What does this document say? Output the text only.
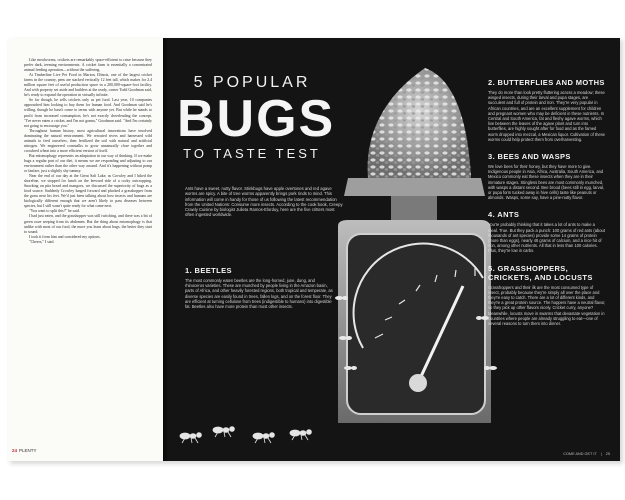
Like mealworms, crickets are remarkably space-efficient to raise because they prefer dark, teeming environments. A cricket farm is essentially a concentrated animal feeding operation—without the suffering.

At Timberline Live Pet Food in Marion, Illinois, one of the largest cricket farms in the country, pens are stacked vertically 12 feet tall, which makes for 2.4 million square feet of useful production space in a 200,000-square-foot facility. And with property set aside and builders at the ready, owner Todd Goodman said, he's ready to expand the operation in virtually infinite.

So far though, he sells crickets only as pet food. Last year, 10 companies approached him looking to buy them for human food. And Goodman said he's willing, though he hasn't come to terms with anyone yet. But while he stands to profit from increased consumption, he's not exactly cheerleading the concept. "I've never eaten a cricket, and I'm not gonna," Goodman said. "And I'm certainly not going to encourage you."

Throughout human history, most agricultural innovations have involved dominating the natural environment. We rerouted rivers and harnessed wild animals to feed ourselves, then fertilized the soil with natural and artificial nitrogen. We engineered cornstalks to grow unnaturally close together and crossbred wheat into a more efficient version of itself.

But entomophagy represents an adaptation in our way of thinking. If we make bugs a regular part of our diet, it means we are responding and adjusting to our environment rather than the other way around. And it's happening without pomp or fanfare, just a slightly shy tummy.

Near the end of our day at the Great Salt Lake, as Crowley and I hiked the shoreline, we stopped for lunch on the leeward side of a rocky outcropping. Snacking on pita bread and mangoes, we discussed the superiority of bugs as a food source. Suddenly Crowley lunged forward and plucked a grasshopper from the grass near his feet. We'd just been talking about how insects and humans are biologically different enough that we aren't likely to pass diseases between species, but I still wasn't quite ready for what came next.

"You want to split this?" he said.

I had just eaten, and the grasshopper was still twitching, and there was a bit of green ooze seeping from its abdomen. But the thing about entomophagy is that unlike with most of our food, the more you learn about bugs, the better they start to sound.

I took it from him and considered my options.

"Cheers," I said.

24 PLENTY
5 POPULAR
BUGS
TO TASTE TEST
Ants have a sweet, nutty flavor. Stinkbugs have apple overtones and red agave worms are spicy. A bite of tree worms apparently brings pork rinds to mind. This information will come in handy for those of us following the latest recommendation from the United Nations: Consume more insects. According to the cook book, Creepy Crawly Cuisine by biologist Julieta Ramos-Elorduy, here are the five critters most often ingested worldwide.
1. BEETLES

The most commonly eaten beetles are the long-horned, june, dung, and rhinoceros varieties. These are munched by people living in the Amazon basin, parts of Africa, and other heavily forested regions, both tropical and temperate, as diverse species are easily found in trees, fallen logs, and on the forest floor. They are efficient at turning cellulose from trees (indigestible to humans) into digestible fat. Beetles also have more protein than most other insects.

2. BUTTERFLIES AND MOTHS

They do more than look pretty fluttering across a meadow; these winged insects, during their larval and pupa stages, are succulent and full of protein and iron. They're very popular in African countries, and are an excellent supplement for children and pregnant women who may be deficient in these nutrients. In Central and South America, fat and fleshy agave worms, which live between the leaves of the agave plant and turn into butterflies, are highly sought after for food and as the famed worm dropped into mezcal, a Mexican liquor. Cultivation of these worms could help protect them from overharvesting.

3. BEES AND WASPS

We love bees for their honey, but they have more to give. Indigenous people in Asia, Africa, Australia, South America, and Mexico commonly eat these insects when they are in their immature stages. Stingless bees are most commonly munched, with wasps a distant second. Bee brood (bees still in egg, larval, or pupa form tucked away in hive cells) taste like peanuts or almonds. Wasps, some say, have a pine-nutty flavor.

4. ANTS

You're probably thinking that it takes a lot of ants to make a meal. True. But they pack a punch: 100 grams of red ants (about thousands of ant species) provide some 14 grams of protein (more than eggs), nearly 48 grams of calcium, and a nice hit of iron, among other nutrients. All that in less than 100 calories. Plus, they're low in carbs.

5. GRASSHOPPERS, CRICKETS, AND LOCUSTS

Grasshoppers and their ilk are the most consumed type of insect, probably because they're simply all over the place and they're easy to catch. There are a lot of different kinds, and they're a great protein source. The hoppers have a neutral flavor, so they pick up other flavors nicely. Cricket curry, anyone? Meanwhile, locusts move in swarms that devastate vegetation in countries where people are already struggling to eat—one of several reasons to turn them into dinner.

COME AND GET IT | 25
